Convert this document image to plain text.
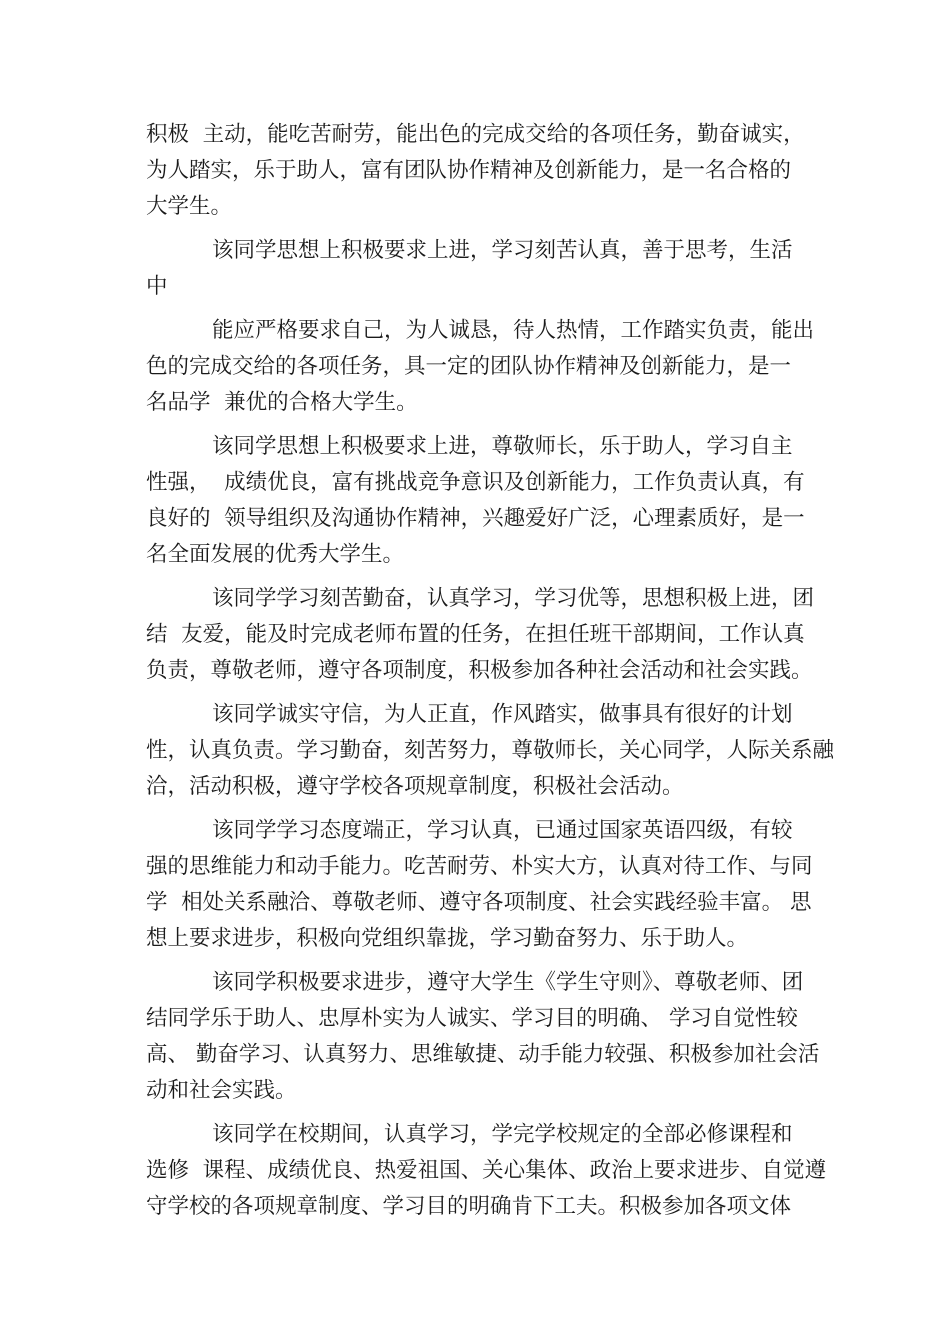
积极  主动，能吃苦耐劳，能出色的完成交给的各项任务，勤奋诚实，
为人踏实，乐于助人，富有团队协作精神及创新能力，是一名合格的
大学生。
该同学思想上积极要求上进，学习刻苦认真，善于思考，生活
中
能应严格要求自己，为人诚恳，待人热情，工作踏实负责，能出
色的完成交给的各项任务，具一定的团队协作精神及创新能力，是一
名品学  兼优的合格大学生。
该同学思想上积极要求上进，尊敬师长，乐于助人，学习自主
性强，  成绩优良，富有挑战竞争意识及创新能力，工作负责认真，有
良好的  领导组织及沟通协作精神，兴趣爱好广泛，心理素质好，是一
名全面发展的优秀大学生。
该同学学习刻苦勤奋，认真学习，学习优等，思想积极上进，团
结  友爱，能及时完成老师布置的任务，在担任班干部期间，工作认真
负责，尊敬老师，遵守各项制度，积极参加各种社会活动和社会实践。
该同学诚实守信，为人正直，作风踏实，做事具有很好的计划
性，认真负责。学习勤奋，刻苦努力，尊敬师长，关心同学，人际关系融
洽，活动积极，遵守学校各项规章制度，积极社会活动。
该同学学习态度端正，学习认真，已通过国家英语四级，有较
强的思维能力和动手能力。吃苦耐劳、朴实大方，认真对待工作、与同
学  相处关系融洽、尊敬老师、遵守各项制度、社会实践经验丰富。 思
想上要求进步，积极向党组织靠拢，学习勤奋努力、乐于助人。
该同学积极要求进步，遵守大学生《学生守则》、尊敬老师、团
结同学乐于助人、忠厚朴实为人诚实、学习目的明确、 学习自觉性较
高、 勤奋学习、认真努力、思维敏捷、动手能力较强、积极参加社会活
动和社会实践。
该同学在校期间，认真学习，学完学校规定的全部必修课程和
选修  课程、成绩优良、热爱祖国、关心集体、政治上要求进步、自觉遵
守学校的各项规章制度、学习目的明确肯下工夫。积极参加各项文体
